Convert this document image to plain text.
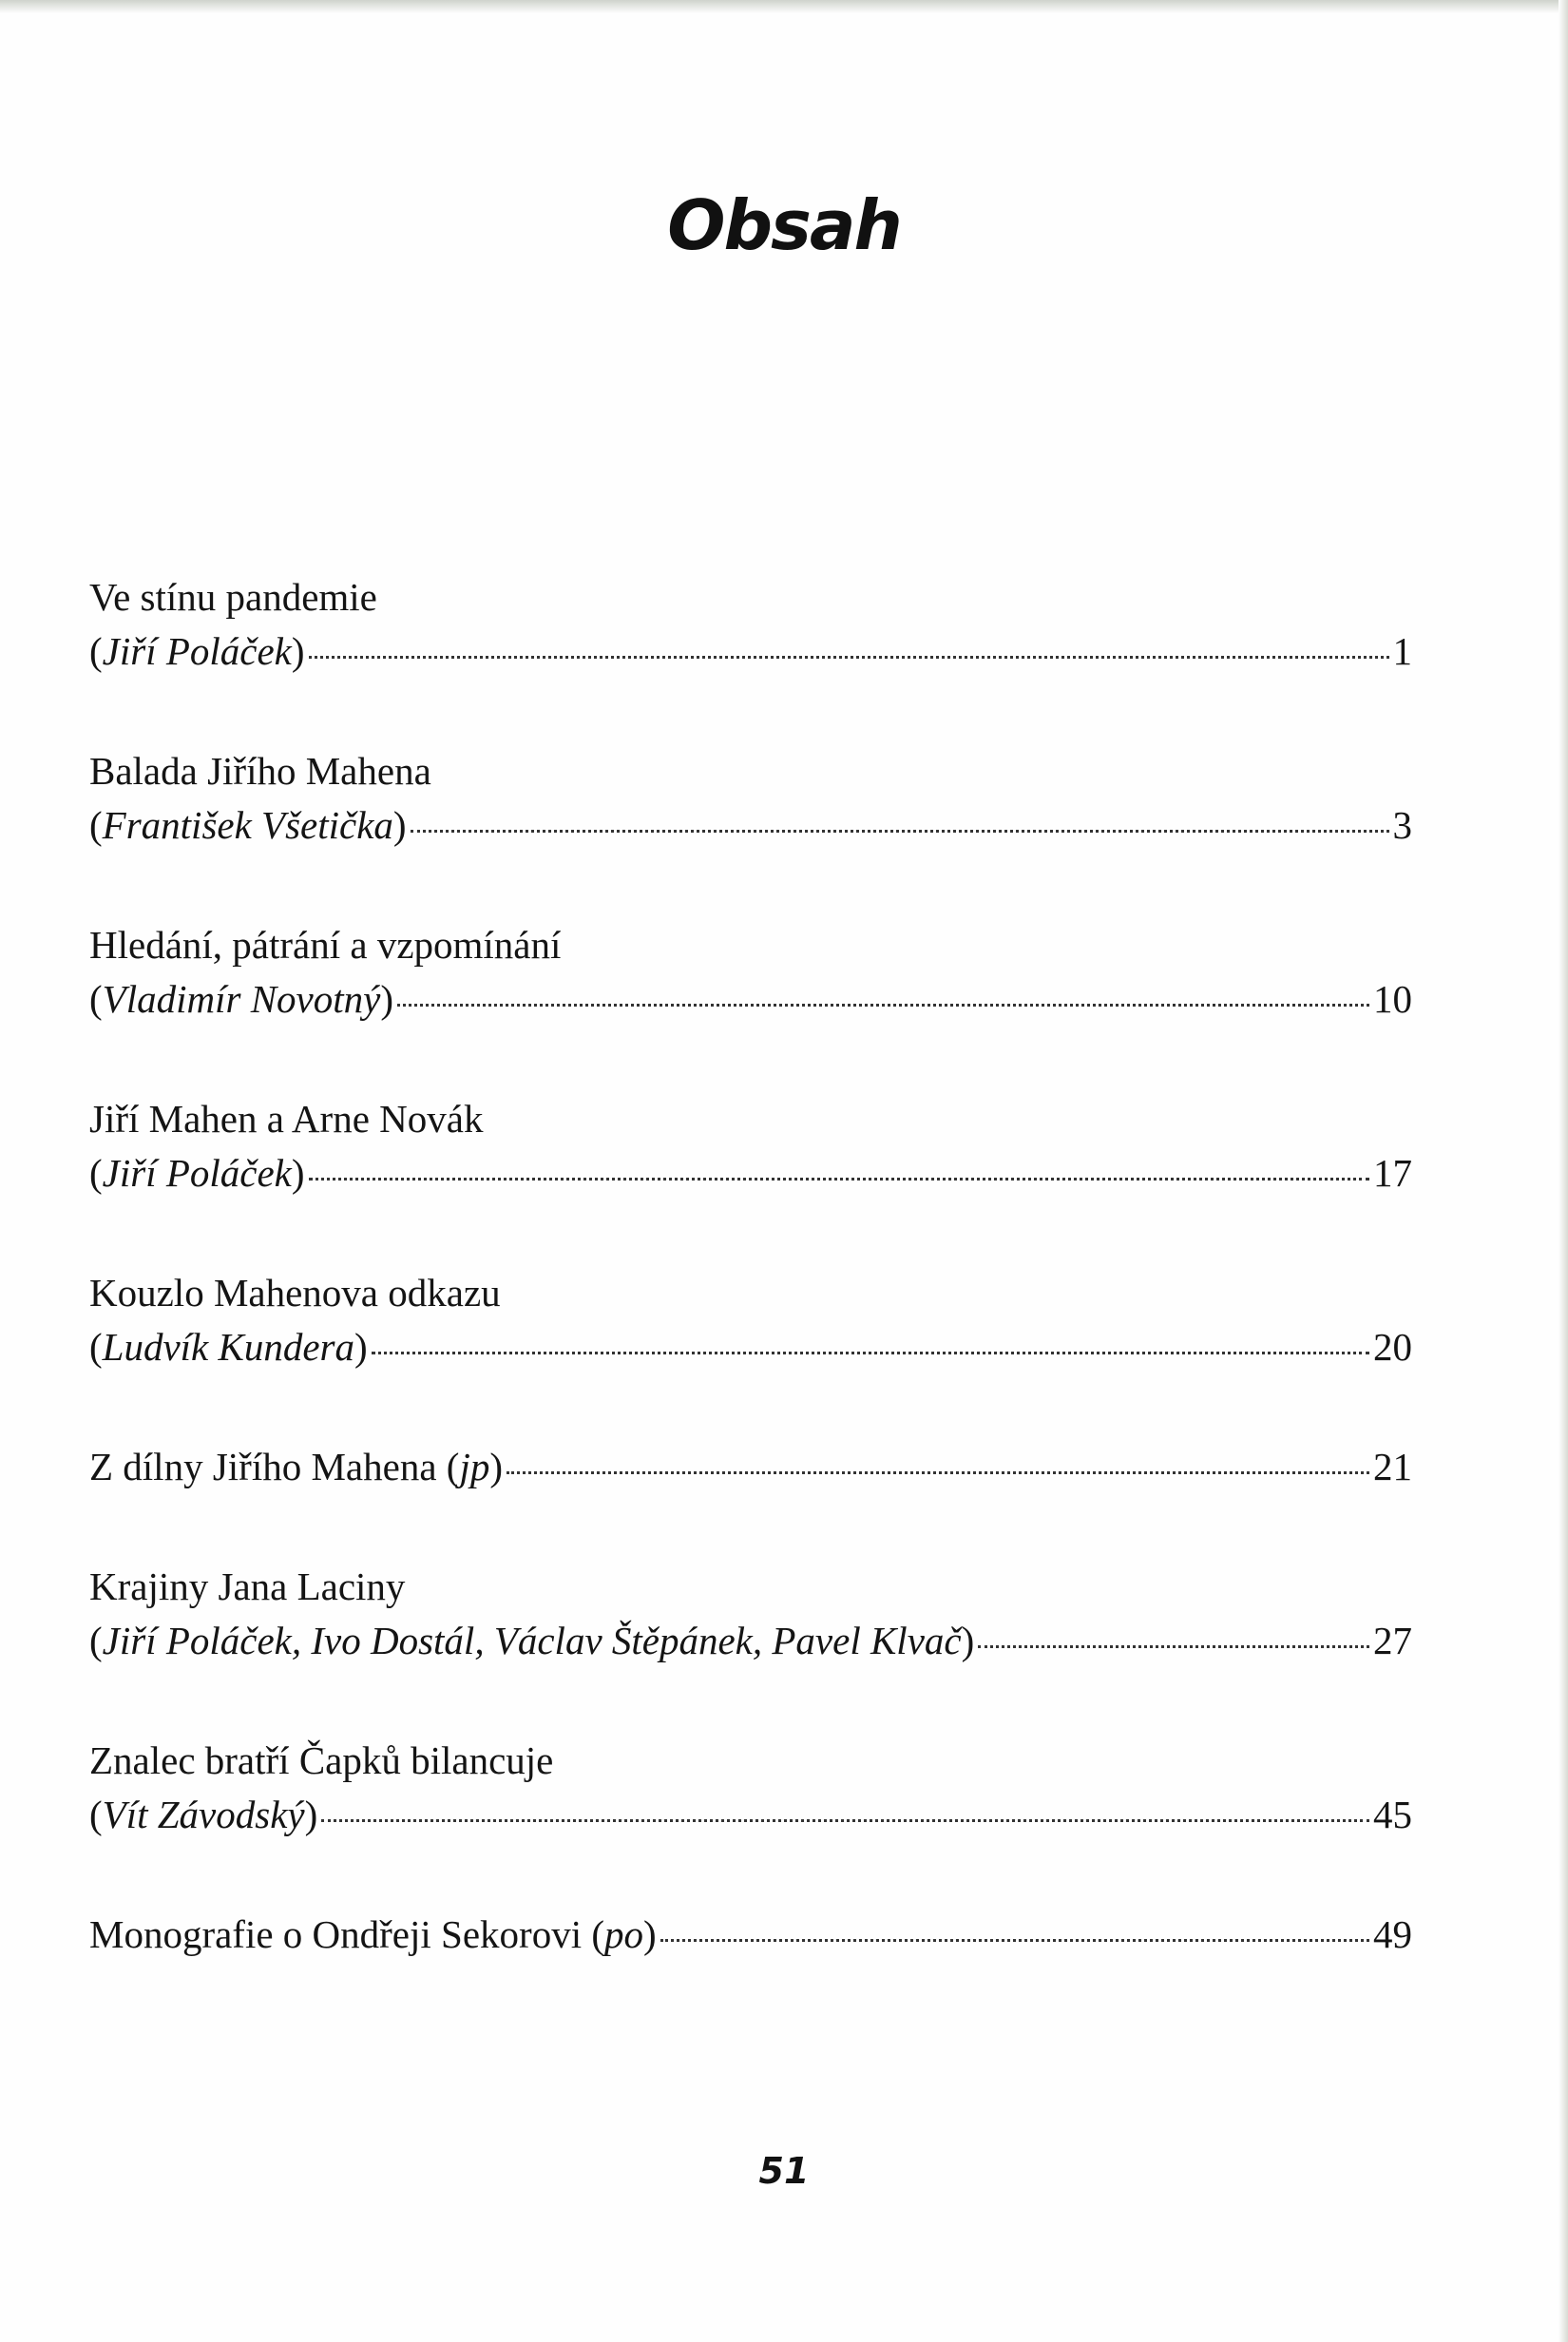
Obsah
Ve stínu pandemie
(Jiří Poláček)	1
Balada Jiřího Mahena
(František Všetička)	3
Hledání, pátrání a vzpomínání
(Vladimír Novotný)	10
Jiří Mahen a Arne Novák
(Jiří Poláček)	17
Kouzlo Mahenova odkazu
(Ludvík Kundera)	20
Z dílny Jiřího Mahena (jp)	21
Krajiny Jana Laciny
(Jiří Poláček, Ivo Dostál, Václav Štěpánek, Pavel Klvač)	27
Znalec bratří Čapků bilancuje
(Vít Závodský)	45
Monografie o Ondřeji Sekorovi (po)	49
51
